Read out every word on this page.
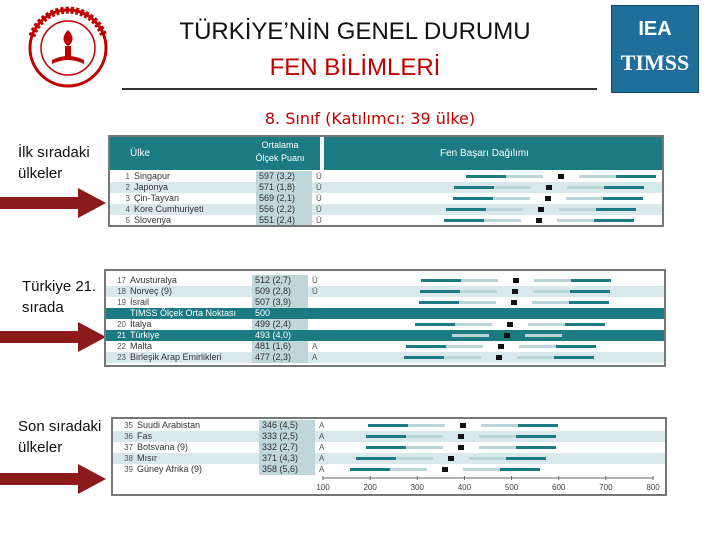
TÜRKİYE’NİN GENEL DURUMU
FEN BİLİMLERİ
IEA
TIMSS
8. Sınıf (Katılımcı: 39 ülke)
İlk sıradaki ülkeler
Türkiye 21. sırada
Son sıradaki ülkeler
Ülke
Ortalama Ölçek Puanı	Fen Başarı Dağılımı
1 Singapur	597 (3,2)	Ü
2 Japonya	571 (1,8)	Ü
3 Çin-Tayvan	569 (2,1)	Ü
4 Kore Cumhuriyeti	556 (2,2)	Ü
5 Slovenya	551 (2,4)	Ü
17 Avusturalya	512 (2,7)	Ü
18 Norveç (9)	509 (2,8)	Ü
19 İsrail	507 (3,9)
TIMSS Ölçek Orta Noktası	500
20 İtalya	499 (2,4)
21 Türkiye	493 (4,0)
22 Malta	481 (1,6)	A
23 Birleşik Arap Emirlikleri	477 (2,3)	A
35 Suudi Arabistan	346 (4,5)	A
36 Fas	333 (2,5)	A
37 Botsvana (9)	332 (2,7)	A
38 Mısır	371 (4,3)	A
39 Güney Afrika (9)	358 (5,6)	A
100	200	300	400	500	600	700	800
